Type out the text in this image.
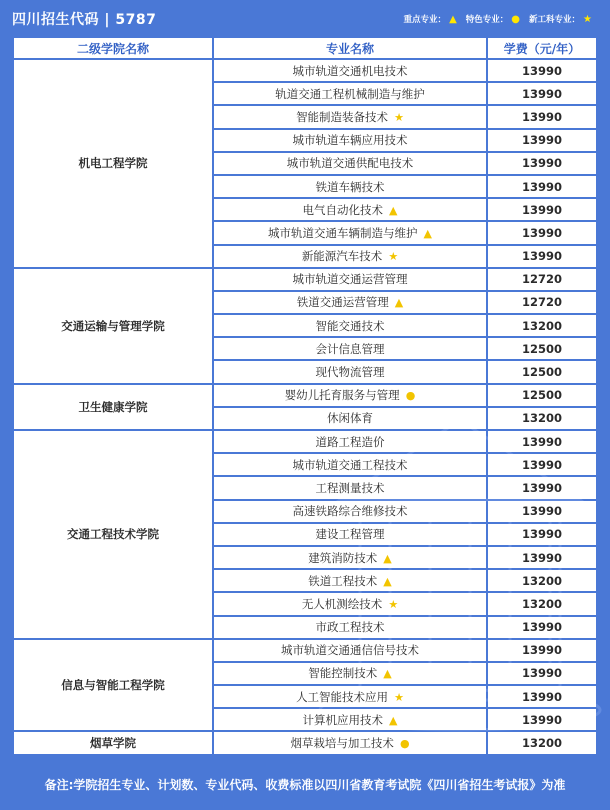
四川招生代码 | 5787	重点专业： ▲ 特色专业： ● 新工科专业： ★
二级学院名称	专业名称	学费（元/年）
机电工程学院	城市轨道交通机电技术	13990
	轨道交通工程机械制造与维护	13990
	智能制造装备技术 ★	13990
	城市轨道车辆应用技术	13990
	城市轨道交通供配电技术	13990
	铁道车辆技术	13990
	电气自动化技术 ▲	13990
	城市轨道交通车辆制造与维护 ▲	13990
	新能源汽车技术 ★	13990
交通运输与管理学院	城市轨道交通运营管理	12720
	铁道交通运营管理 ▲	12720
	智能交通技术	13200
	会计信息管理	12500
	现代物流管理	12500
卫生健康学院	婴幼儿托育服务与管理 ●	12500
	休闲体育	13200
交通工程技术学院	道路工程造价	13990
	城市轨道交通工程技术	13990
	工程测量技术	13990
	高速铁路综合维修技术	13990
	建设工程管理	13990
	建筑消防技术 ▲	13990
	铁道工程技术 ▲	13200
	无人机测绘技术 ★	13200
	市政工程技术	13990
信息与智能工程学院	城市轨道交通通信信号技术	13990
	智能控制技术 ▲	13990
	人工智能技术应用 ★	13990
	计算机应用技术 ▲	13990
烟草学院	烟草栽培与加工技术 ●	13200
备注:学院招生专业、计划数、专业代码、收费标准以四川省教育考试院《四川省招生考试报》为准
